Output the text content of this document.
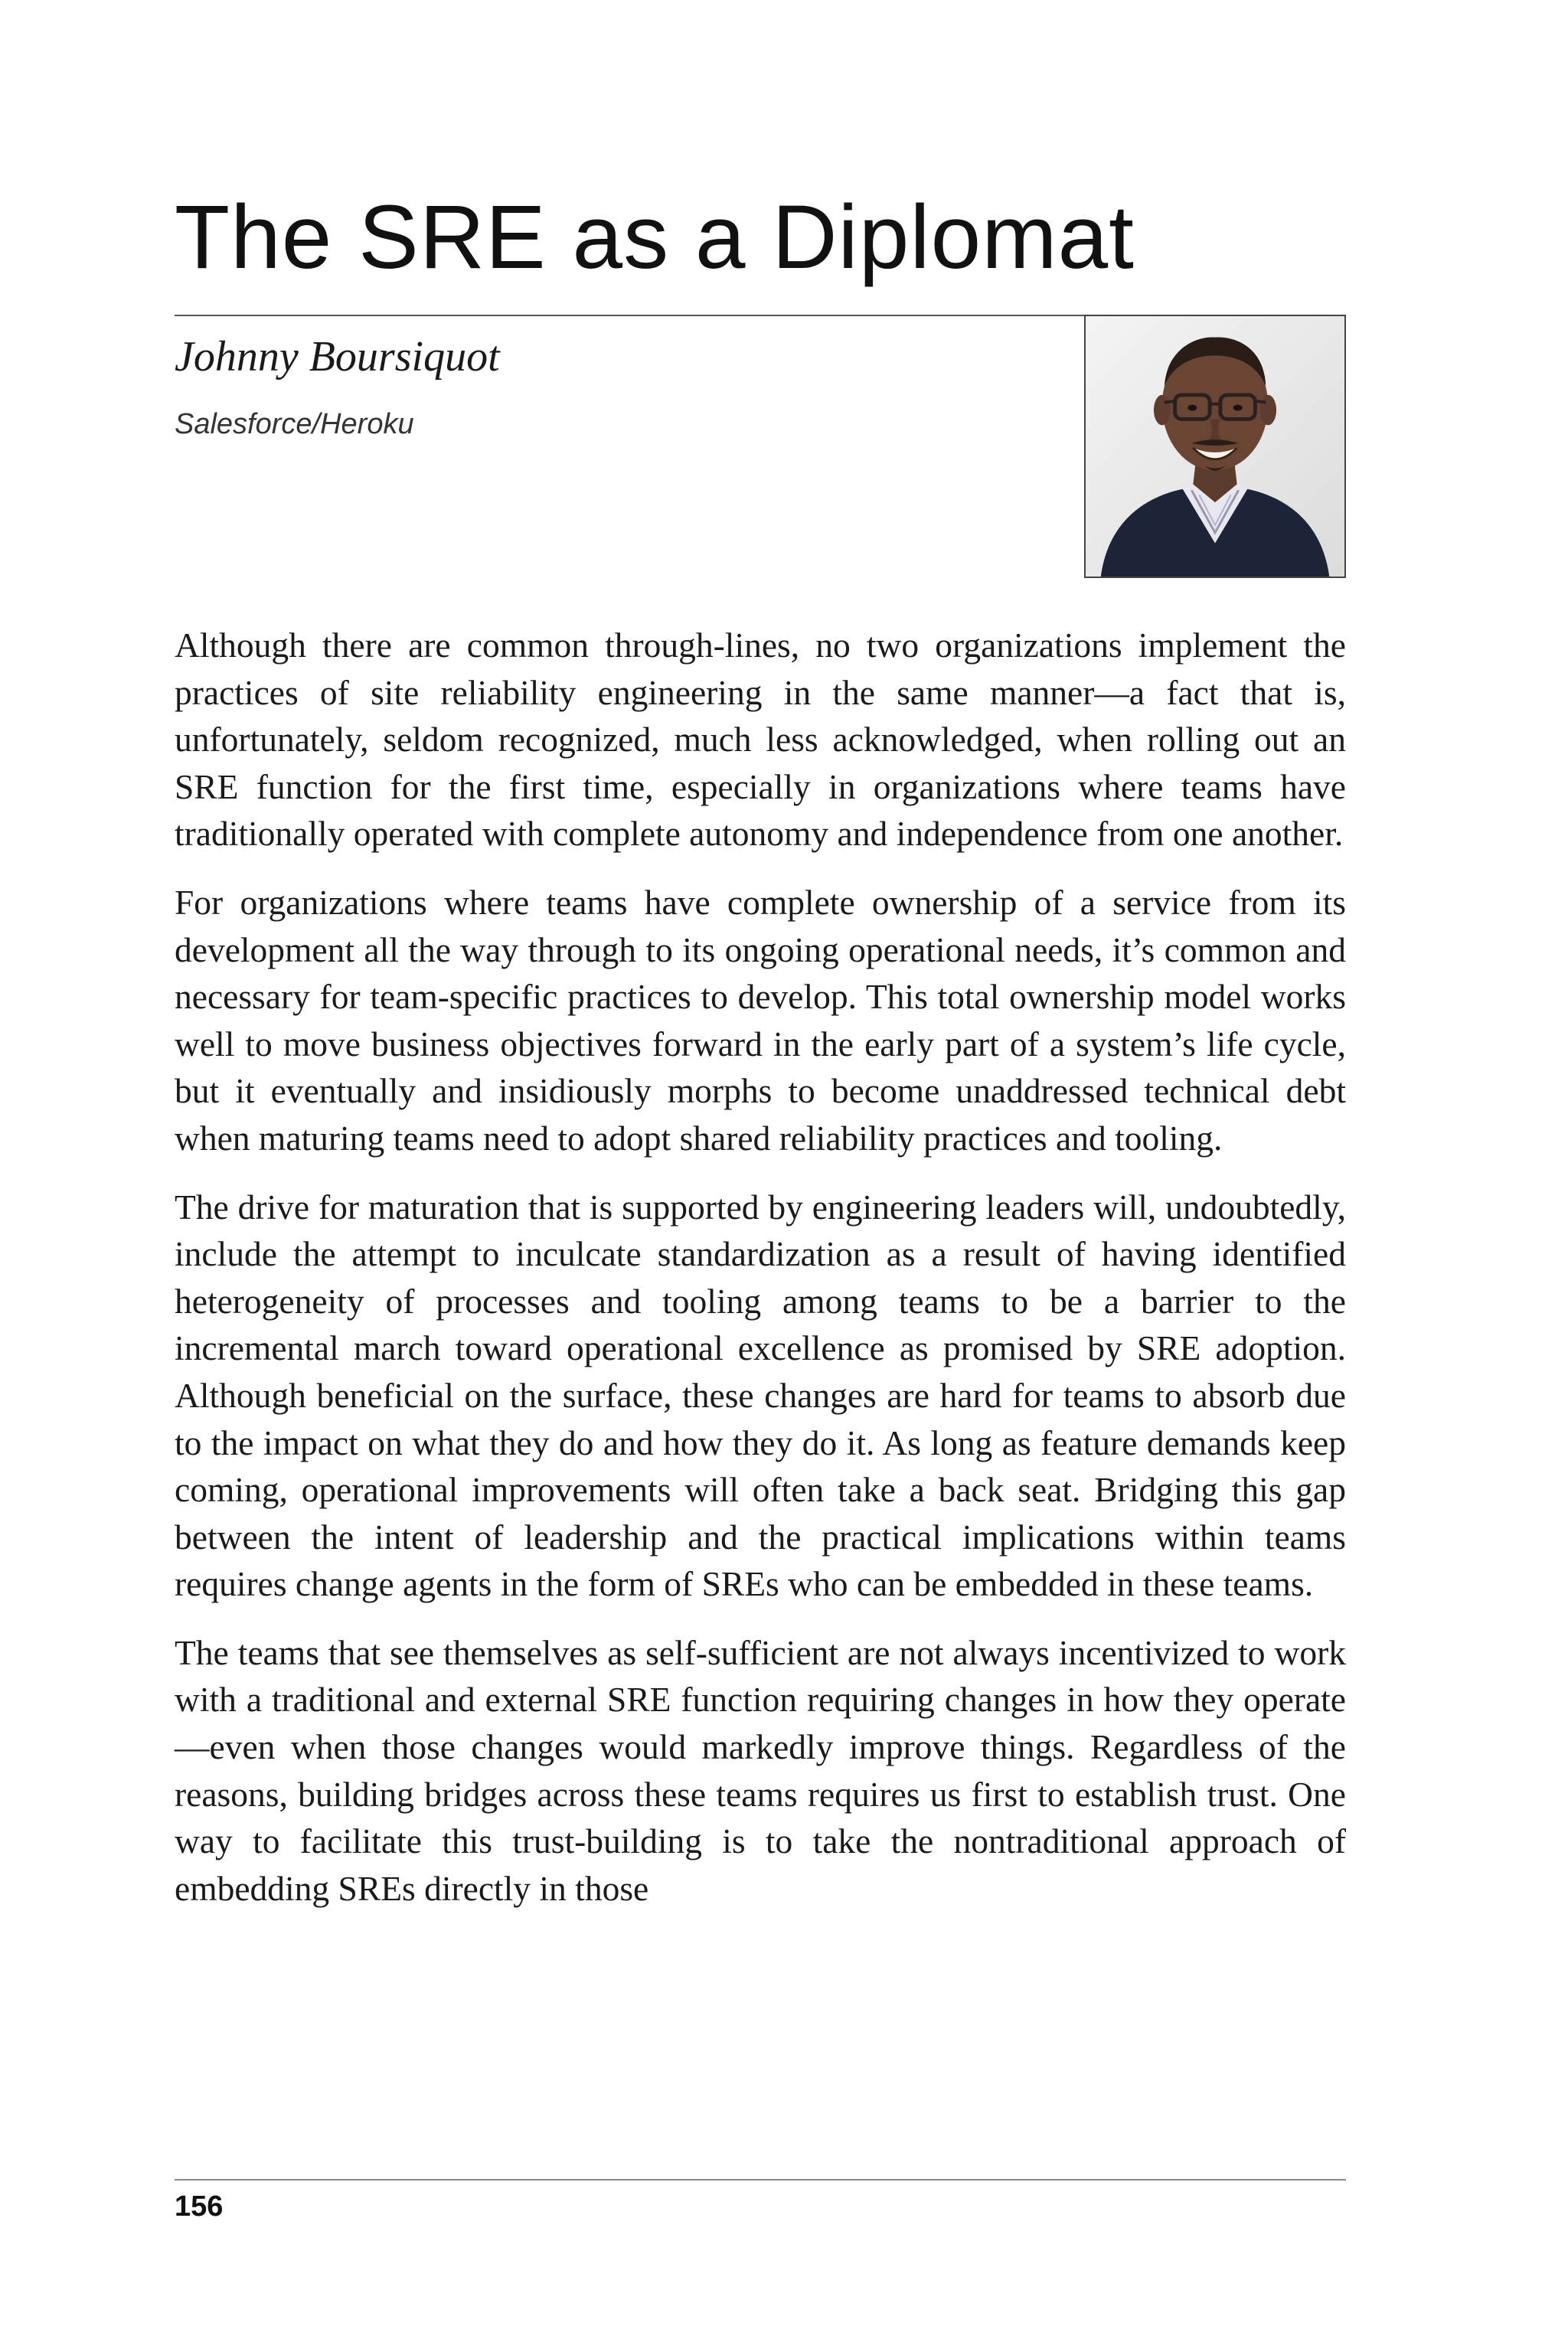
The SRE as a Diplomat

Johnny Boursiquot

Salesforce/Heroku

Although there are common through-lines, no two organizations implement the practices of site reliability engineering in the same manner—a fact that is, unfortunately, seldom recognized, much less acknowledged, when rolling out an SRE function for the first time, especially in organizations where teams have traditionally operated with complete autonomy and independence from one another.

For organizations where teams have complete ownership of a service from its development all the way through to its ongoing operational needs, it’s common and necessary for team-specific practices to develop. This total ownership model works well to move business objectives forward in the early part of a system’s life cycle, but it eventually and insidiously morphs to become unaddressed technical debt when maturing teams need to adopt shared reliability practices and tooling.

The drive for maturation that is supported by engineering leaders will, undoubtedly, include the attempt to inculcate standardization as a result of having identified heterogeneity of processes and tooling among teams to be a barrier to the incremental march toward operational excellence as promised by SRE adoption. Although beneficial on the surface, these changes are hard for teams to absorb due to the impact on what they do and how they do it. As long as feature demands keep coming, operational improvements will often take a back seat. Bridging this gap between the intent of leadership and the practical implications within teams requires change agents in the form of SREs who can be embedded in these teams.

The teams that see themselves as self-sufficient are not always incentivized to work with a traditional and external SRE function requiring changes in how they operate—even when those changes would markedly improve things. Regardless of the reasons, building bridges across these teams requires us first to establish trust. One way to facilitate this trust-building is to take the nontraditional approach of embedding SREs directly in those

156
